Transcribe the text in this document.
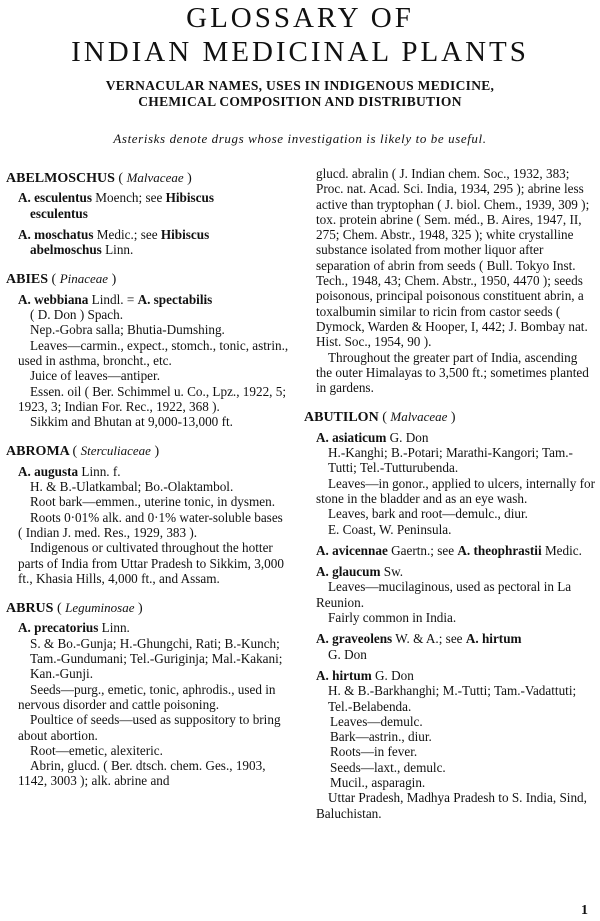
GLOSSARY OF
INDIAN MEDICINAL PLANTS
VERNACULAR NAMES, USES IN INDIGENOUS MEDICINE,
CHEMICAL COMPOSITION AND DISTRIBUTION
Asterisks denote drugs whose investigation is likely to be useful.
ABELMOSCHUS ( Malvaceae )
A. esculentus Moench; see Hibiscus
esculentus
A. moschatus Medic.; see Hibiscus
abelmoschus Linn.
ABIES ( Pinaceae )
A. webbiana Lindl. = A. spectabilis
( D. Don ) Spach.
Nep.-Gobra salla; Bhutia-Dumshing.

Leaves—carmin., expect., stomch., tonic, astrin., used in asthma, broncht., etc.

Juice of leaves—antiper.

Essen. oil ( Ber. Schimmel u. Co., Lpz., 1922, 5; 1923, 3; Indian For. Rec., 1922, 368 ).

Sikkim and Bhutan at 9,000-13,000 ft.

ABROMA ( Sterculiaceae )
A. augusta Linn. f.
H. & B.-Ulatkambal; Bo.-Olaktambol.

Root bark—emmen., uterine tonic, in dysmen.

Roots 0·01% alk. and 0·1% water-soluble bases ( Indian J. med. Res., 1929, 383 ).

Indigenous or cultivated throughout the hotter parts of India from Uttar Pradesh to Sikkim, 3,000 ft., Khasia Hills, 4,000 ft., and Assam.

ABRUS ( Leguminosae )
A. precatorius Linn.
S. & Bo.-Gunja; H.-Ghungchi, Rati; B.-Kunch; Tam.-Gundumani; Tel.-Guriginja; Mal.-Kakani; Kan.-Gunji.

Seeds—purg., emetic, tonic, aphrodis., used in nervous disorder and cattle poisoning.

Poultice of seeds—used as suppository to bring about abortion.

Root—emetic, alexiteric.

Abrin, glucd. ( Ber. dtsch. chem. Ges., 1903, 1142, 3003 ); alk. abrine and

glucd. abralin ( J. Indian chem. Soc., 1932, 383; Proc. nat. Acad. Sci. India, 1934, 295 ); abrine less active than tryptophan ( J. biol. Chem., 1939, 309 ); tox. protein abrine ( Sem. méd., B. Aires, 1947, II, 275; Chem. Abstr., 1948, 325 ); white crystalline substance isolated from mother liquor after separation of abrin from seeds ( Bull. Tokyo Inst. Tech., 1948, 43; Chem. Abstr., 1950, 4470 ); seeds poisonous, principal poisonous constituent abrin, a toxalbumin similar to ricin from castor seeds ( Dymock, Warden & Hooper, I, 442; J. Bombay nat. Hist. Soc., 1954, 90 ).

Throughout the greater part of India, ascending the outer Himalayas to 3,500 ft.; sometimes planted in gardens.

ABUTILON ( Malvaceae )
A. asiaticum G. Don
H.-Kanghi; B.-Potari; Marathi-Kangori; Tam.-Tutti; Tel.-Tutturubenda.

Leaves—in gonor., applied to ulcers, internally for stone in the bladder and as an eye wash.

Leaves, bark and root—demulc., diur.

E. Coast, W. Peninsula.

A. avicennae Gaertn.; see A. theophrastii Medic.
A. glaucum Sw.

Leaves—mucilaginous, used as pectoral in La Reunion.

Fairly common in India.

A. graveolens W. & A.; see A. hirtum
G. Don
A. hirtum G. Don
H. & B.-Barkhanghi; M.-Tutti; Tam.-Vadattuti; Tel.-Belabenda.
Leaves—demulc.
Bark—astrin., diur.
Roots—in fever.
Seeds—laxt., demulc.
Mucil., asparagin.

Uttar Pradesh, Madhya Pradesh to S. India, Sind, Baluchistan.

1
